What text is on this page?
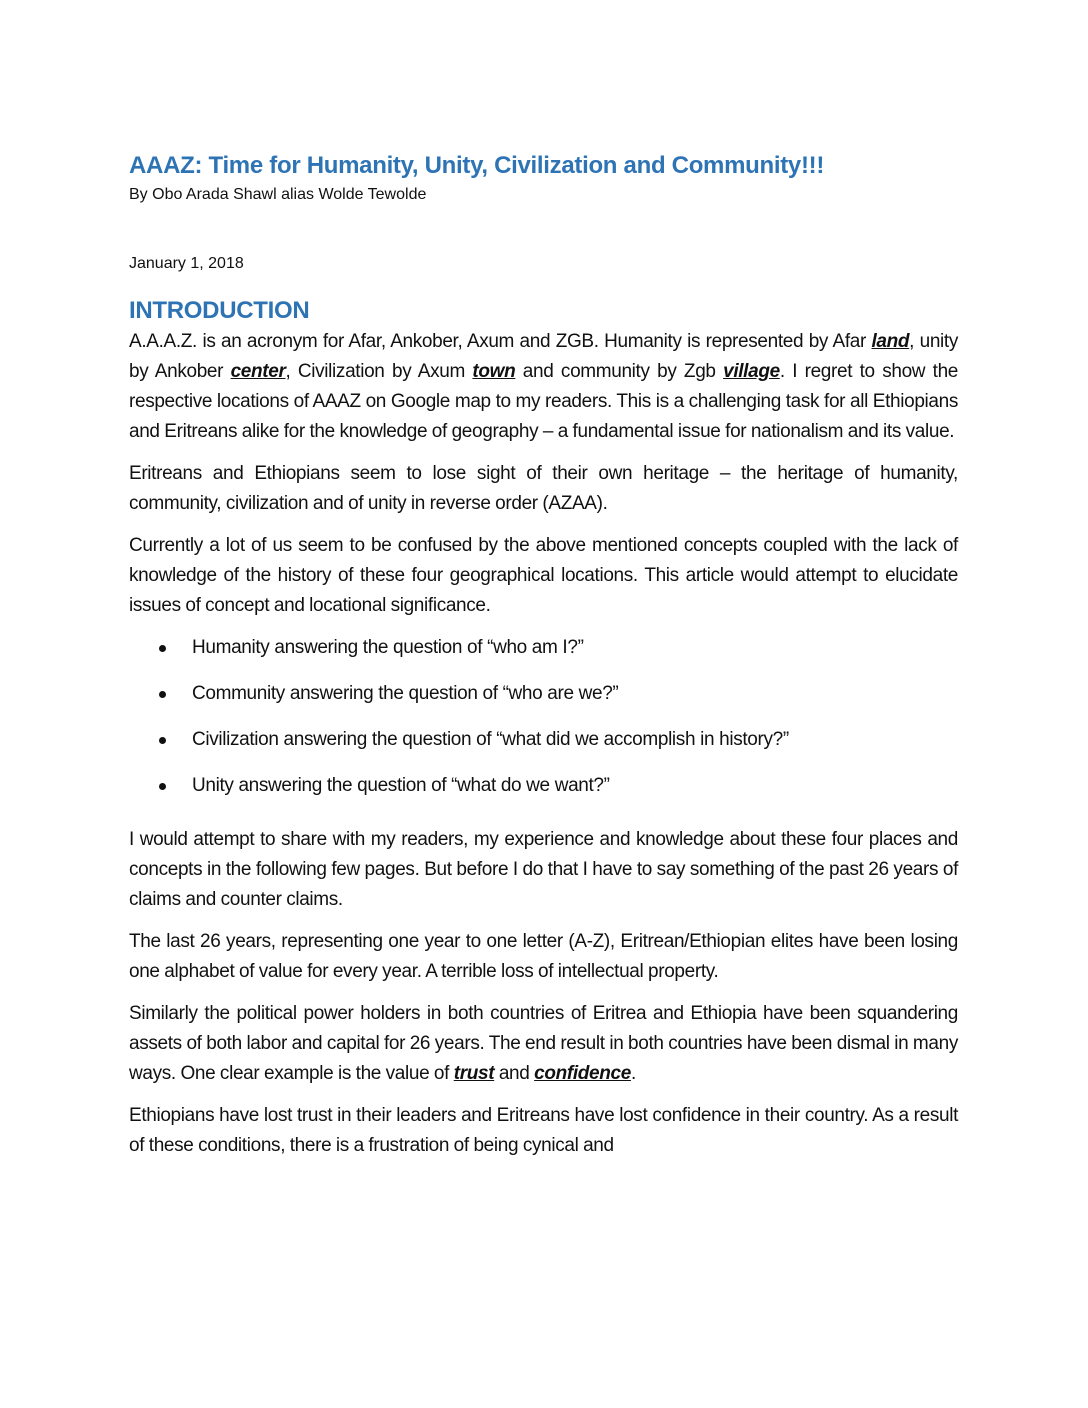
AAAZ: Time for Humanity, Unity, Civilization and Community!!!
By Obo Arada Shawl alias Wolde Tewolde
January 1, 2018
INTRODUCTION

A.A.A.Z. is an acronym for Afar, Ankober, Axum and ZGB. Humanity is represented by Afar land, unity by Ankober center, Civilization by Axum town and community by Zgb village. I regret to show the respective locations of AAAZ on Google map to my readers. This is a challenging task for all Ethiopians and Eritreans alike for the knowledge of geography – a fundamental issue for nationalism and its value.

Eritreans and Ethiopians seem to lose sight of their own heritage – the heritage of humanity, community, civilization and of unity in reverse order (AZAA).

Currently a lot of us seem to be confused by the above mentioned concepts coupled with the lack of knowledge of the history of these four geographical locations. This article would attempt to elucidate issues of concept and locational significance.

Humanity answering the question of “who am I?”
Community answering the question of “who are we?”
Civilization answering the question of “what did we accomplish in history?”
Unity answering the question of “what do we want?”

I would attempt to share with my readers, my experience and knowledge about these four places and concepts in the following few pages. But before I do that I have to say something of the past 26 years of claims and counter claims.

The last 26 years, representing one year to one letter (A-Z), Eritrean/Ethiopian elites have been losing one alphabet of value for every year. A terrible loss of intellectual property.

Similarly the political power holders in both countries of Eritrea and Ethiopia have been squandering assets of both labor and capital for 26 years. The end result in both countries have been dismal in many ways. One clear example is the value of trust and confidence.

Ethiopians have lost trust in their leaders and Eritreans have lost confidence in their country. As a result of these conditions, there is a frustration of being cynical and
